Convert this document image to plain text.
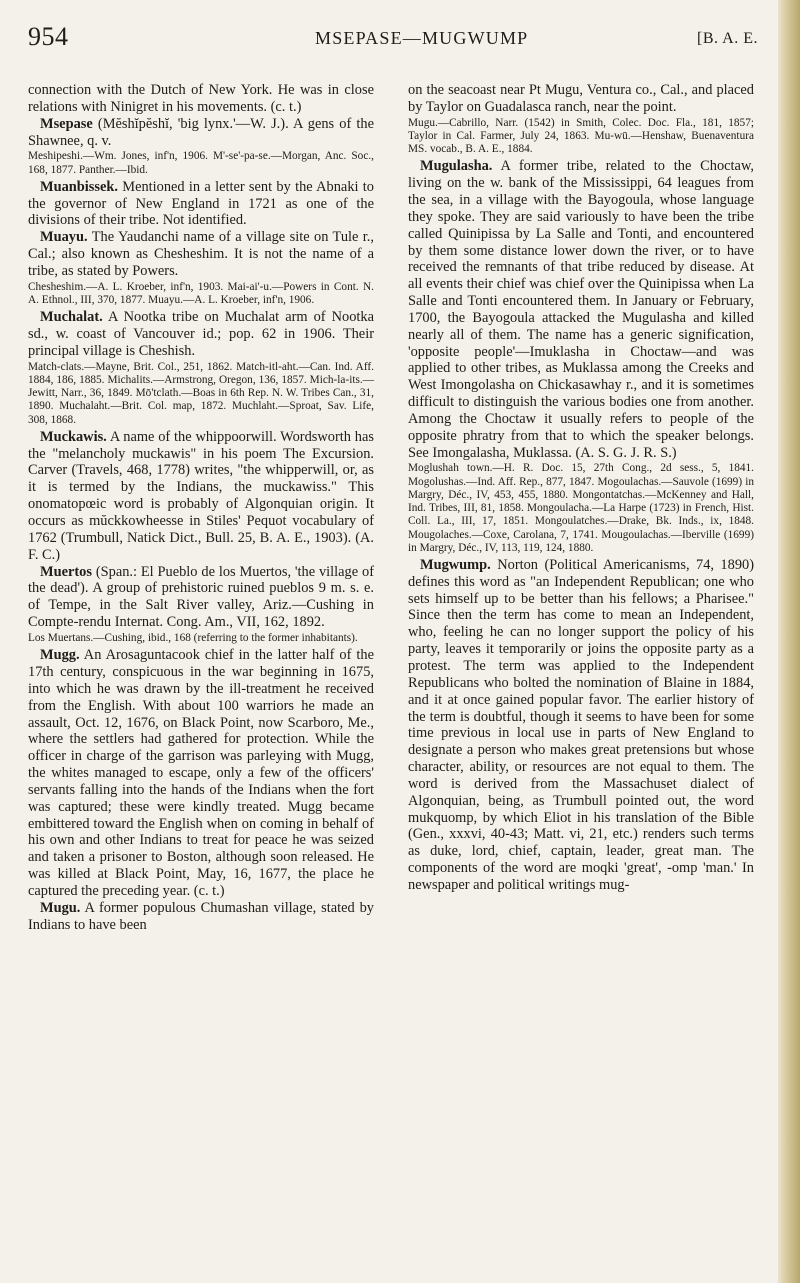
954	MSEPASE—MUGWUMP	[B. A. E.

connection with the Dutch of New York. He was in close relations with Ninigret in his movements. (c. t.)

Msepase (Mĕshĭpĕshĭ, 'big lynx.'—W. J.). A gens of the Shawnee, q. v.

Meshipeshi.—Wm. Jones, inf'n, 1906. M'-se'-pa-se.—Morgan, Anc. Soc., 168, 1877. Panther.—Ibid.

Muanbissek. Mentioned in a letter sent by the Abnaki to the governor of New England in 1721 as one of the divisions of their tribe. Not identified.

Muayu. The Yaudanchi name of a village site on Tule r., Cal.; also known as Chesheshim. It is not the name of a tribe, as stated by Powers.

Chesheshim.—A. L. Kroeber, inf'n, 1903. Mai-ai'-u.—Powers in Cont. N. A. Ethnol., III, 370, 1877. Muayu.—A. L. Kroeber, inf'n, 1906.

Muchalat. A Nootka tribe on Muchalat arm of Nootka sd., w. coast of Vancouver id.; pop. 62 in 1906. Their principal village is Cheshish.

Match-clats.—Mayne, Brit. Col., 251, 1862. Match-itl-aht.—Can. Ind. Aff. 1884, 186, 1885. Michalits.—Armstrong, Oregon, 136, 1857. Mich-la-its.—Jewitt, Narr., 36, 1849. Mō'tclath.—Boas in 6th Rep. N. W. Tribes Can., 31, 1890. Muchalaht.—Brit. Col. map, 1872. Muchlaht.—Sproat, Sav. Life, 308, 1868.

Muckawis. A name of the whippoorwill. Wordsworth has the "melancholy muckawis" in his poem The Excursion. Carver (Travels, 468, 1778) writes, "the whipperwill, or, as it is termed by the Indians, the muckawiss." This onomatopœic word is probably of Algonquian origin. It occurs as mŭckkowheesse in Stiles' Pequot vocabulary of 1762 (Trumbull, Natick Dict., Bull. 25, B. A. E., 1903). (A. F. C.)

Muertos (Span.: El Pueblo de los Muertos, 'the village of the dead'). A group of prehistoric ruined pueblos 9 m. s. e. of Tempe, in the Salt River valley, Ariz.—Cushing in Compte-rendu Internat. Cong. Am., VII, 162, 1892.

Los Muertans.—Cushing, ibid., 168 (referring to the former inhabitants).

Mugg. An Arosaguntacook chief in the latter half of the 17th century, conspicuous in the war beginning in 1675, into which he was drawn by the ill-treatment he received from the English. With about 100 warriors he made an assault, Oct. 12, 1676, on Black Point, now Scarboro, Me., where the settlers had gathered for protection. While the officer in charge of the garrison was parleying with Mugg, the whites managed to escape, only a few of the officers' servants falling into the hands of the Indians when the fort was captured; these were kindly treated. Mugg became embittered toward the English when on coming in behalf of his own and other Indians to treat for peace he was seized and taken a prisoner to Boston, although soon released. He was killed at Black Point, May, 16, 1677, the place he captured the preceding year. (c. t.)

Mugu. A former populous Chumashan village, stated by Indians to have been

on the seacoast near Pt Mugu, Ventura co., Cal., and placed by Taylor on Guadalasca ranch, near the point.

Mugu.—Cabrillo, Narr. (1542) in Smith, Colec. Doc. Fla., 181, 1857; Taylor in Cal. Farmer, July 24, 1863. Mu-wū.—Henshaw, Buenaventura MS. vocab., B. A. E., 1884.

Mugulasha. A former tribe, related to the Choctaw, living on the w. bank of the Mississippi, 64 leagues from the sea, in a village with the Bayogoula, whose language they spoke. They are said variously to have been the tribe called Quinipissa by La Salle and Tonti, and encountered by them some distance lower down the river, or to have received the remnants of that tribe reduced by disease. At all events their chief was chief over the Quinipissa when La Salle and Tonti encountered them. In January or February, 1700, the Bayogoula attacked the Mugulasha and killed nearly all of them. The name has a generic signification, 'opposite people'—Imuklasha in Choctaw—and was applied to other tribes, as Muklassa among the Creeks and West Imongolasha on Chickasawhay r., and it is sometimes difficult to distinguish the various bodies one from another. Among the Choctaw it usually refers to people of the opposite phratry from that to which the speaker belongs. See Imongalasha, Muklassa. (A. S. G. J. R. S.)

Moglushah town.—H. R. Doc. 15, 27th Cong., 2d sess., 5, 1841. Mogolushas.—Ind. Aff. Rep., 877, 1847. Mogoulachas.—Sauvole (1699) in Margry, Déc., IV, 453, 455, 1880. Mongontatchas.—McKenney and Hall, Ind. Tribes, III, 81, 1858. Mongoulacha.—La Harpe (1723) in French, Hist. Coll. La., III, 17, 1851. Mongoulatches.—Drake, Bk. Inds., ix, 1848. Mougolaches.—Coxe, Carolana, 7, 1741. Mougoulachas.—Iberville (1699) in Margry, Déc., IV, 113, 119, 124, 1880.

Mugwump. Norton (Political Americanisms, 74, 1890) defines this word as "an Independent Republican; one who sets himself up to be better than his fellows; a Pharisee." Since then the term has come to mean an Independent, who, feeling he can no longer support the policy of his party, leaves it temporarily or joins the opposite party as a protest. The term was applied to the Independent Republicans who bolted the nomination of Blaine in 1884, and it at once gained popular favor. The earlier history of the term is doubtful, though it seems to have been for some time previous in local use in parts of New England to designate a person who makes great pretensions but whose character, ability, or resources are not equal to them. The word is derived from the Massachuset dialect of Algonquian, being, as Trumbull pointed out, the word mukquomp, by which Eliot in his translation of the Bible (Gen., xxxvi, 40-43; Matt. vi, 21, etc.) renders such terms as duke, lord, chief, captain, leader, great man. The components of the word are moqki 'great', -omp 'man.' In newspaper and political writings mug-
